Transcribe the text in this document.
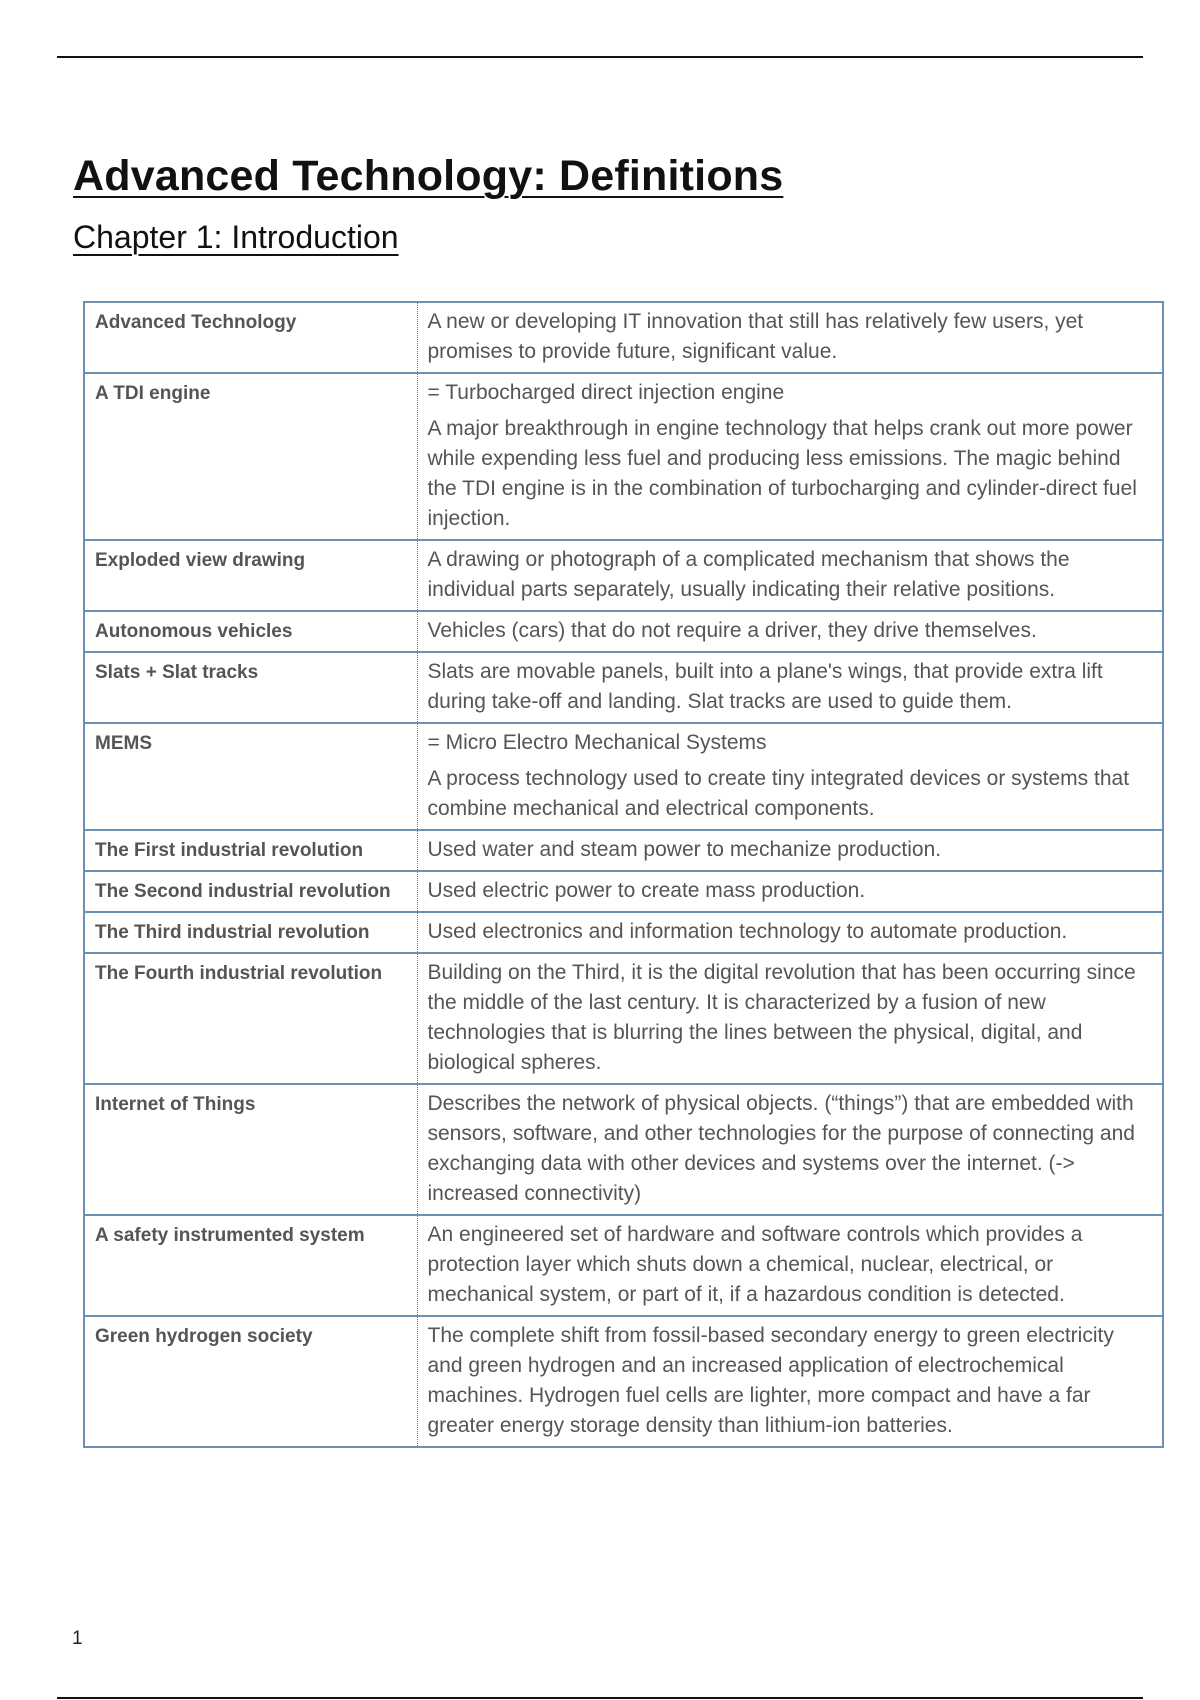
Advanced Technology: Definitions
Chapter 1: Introduction
Advanced Technology	A new or developing IT innovation that still has relatively few users, yet promises to provide future, significant value.

A TDI engine	= Turbocharged direct injection engine

A major breakthrough in engine technology that helps crank out more power while expending less fuel and producing less emissions. The magic behind the TDI engine is in the combination of turbocharging and cylinder-direct fuel injection.

Exploded view drawing	A drawing or photograph of a complicated mechanism that shows the individual parts separately, usually indicating their relative positions.

Autonomous vehicles	Vehicles (cars) that do not require a driver, they drive themselves.

Slats + Slat tracks	Slats are movable panels, built into a plane's wings, that provide extra lift during take-off and landing. Slat tracks are used to guide them.

MEMS	= Micro Electro Mechanical Systems

A process technology used to create tiny integrated devices or systems that combine mechanical and electrical components.

The First industrial revolution	Used water and steam power to mechanize production.

The Second industrial revolution	Used electric power to create mass production.

The Third industrial revolution	Used electronics and information technology to automate production.

The Fourth industrial revolution	Building on the Third, it is the digital revolution that has been occurring since the middle of the last century. It is characterized by a fusion of new technologies that is blurring the lines between the physical, digital, and biological spheres.

Internet of Things	Describes the network of physical objects. (“things”) that are embedded with sensors, software, and other technologies for the purpose of connecting and exchanging data with other devices and systems over the internet. (-> increased connectivity)

A safety instrumented system	An engineered set of hardware and software controls which provides a protection layer which shuts down a chemical, nuclear, electrical, or mechanical system, or part of it, if a hazardous condition is detected.

Green hydrogen society	The complete shift from fossil-based secondary energy to green electricity and green hydrogen and an increased application of electrochemical machines. Hydrogen fuel cells are lighter, more compact and have a far greater energy storage density than lithium-ion batteries.

1
